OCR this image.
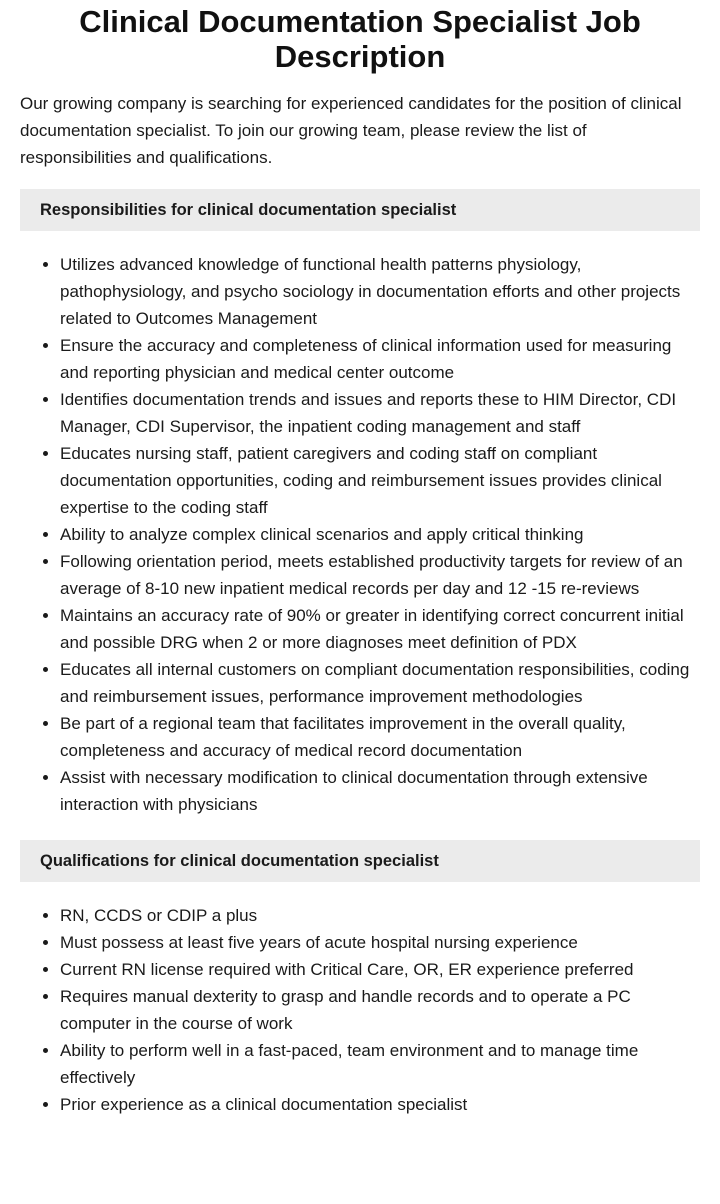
Clinical Documentation Specialist Job Description

Our growing company is searching for experienced candidates for the position of clinical documentation specialist. To join our growing team, please review the list of responsibilities and qualifications.

Responsibilities for clinical documentation specialist
• Utilizes advanced knowledge of functional health patterns physiology, pathophysiology, and psycho sociology in documentation efforts and other projects related to Outcomes Management
• Ensure the accuracy and completeness of clinical information used for measuring and reporting physician and medical center outcome
• Identifies documentation trends and issues and reports these to HIM Director, CDI Manager, CDI Supervisor, the inpatient coding management and staff
• Educates nursing staff, patient caregivers and coding staff on compliant documentation opportunities, coding and reimbursement issues provides clinical expertise to the coding staff
• Ability to analyze complex clinical scenarios and apply critical thinking
• Following orientation period, meets established productivity targets for review of an average of 8-10 new inpatient medical records per day and 12 -15 re-reviews
• Maintains an accuracy rate of 90% or greater in identifying correct concurrent initial and possible DRG when 2 or more diagnoses meet definition of PDX
• Educates all internal customers on compliant documentation responsibilities, coding and reimbursement issues, performance improvement methodologies
• Be part of a regional team that facilitates improvement in the overall quality, completeness and accuracy of medical record documentation
• Assist with necessary modification to clinical documentation through extensive interaction with physicians
Qualifications for clinical documentation specialist
• RN, CCDS or CDIP a plus
• Must possess at least five years of acute hospital nursing experience
• Current RN license required with Critical Care, OR, ER experience preferred
• Requires manual dexterity to grasp and handle records and to operate a PC computer in the course of work
• Ability to perform well in a fast-paced, team environment and to manage time effectively
• Prior experience as a clinical documentation specialist
